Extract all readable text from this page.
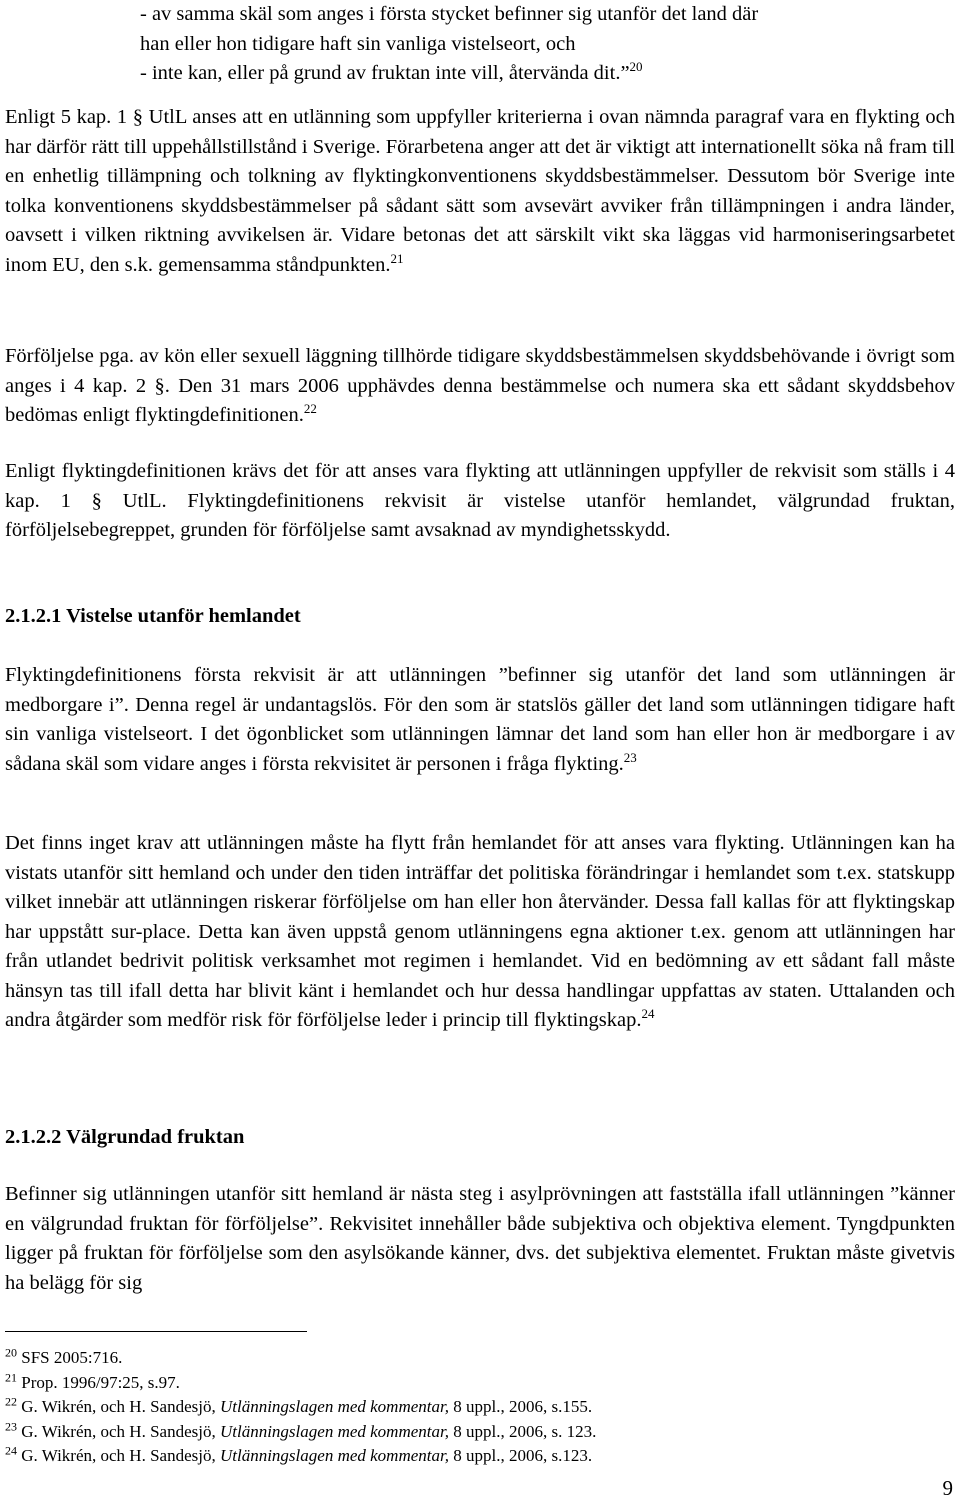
- av samma skäl som anges i första stycket befinner sig utanför det land där
han eller hon tidigare haft sin vanliga vistelseort, och
- inte kan, eller på grund av fruktan inte vill, återvända dit.”$^{20}$

Enligt 5 kap. 1 § UtlL anses att en utlänning som uppfyller kriterierna i ovan nämnda paragraf vara en flykting och har därför rätt till uppehållstillstånd i Sverige. Förarbetena anger att det är viktigt att internationellt söka nå fram till en enhetlig tillämpning och tolkning av flyktingkonventionens skyddsbestämmelser. Dessutom bör Sverige inte tolka konventionens skyddsbestämmelser på sådant sätt som avsevärt avviker från tillämpningen i andra länder, oavsett i vilken riktning avvikelsen är. Vidare betonas det att särskilt vikt ska läggas vid harmoniseringsarbetet inom EU, den s.k. gemensamma ståndpunkten.$^{21}$

Förföljelse pga. av kön eller sexuell läggning tillhörde tidigare skyddsbestämmelsen skyddsbehövande i övrigt som anges i 4 kap. 2 §. Den 31 mars 2006 upphävdes denna bestämmelse och numera ska ett sådant skyddsbehov bedömas enligt flyktingdefinitionen.$^{22}$

Enligt flyktingdefinitionen krävs det för att anses vara flykting att utlänningen uppfyller de rekvisit som ställs i 4 kap. 1 § UtlL. Flyktingdefinitionens rekvisit är vistelse utanför hemlandet, välgrundad fruktan, förföljelsebegreppet, grunden för förföljelse samt avsaknad av myndighetsskydd.

2.1.2.1 Vistelse utanför hemlandet

Flyktingdefinitionens första rekvisit är att utlänningen ”befinner sig utanför det land som utlänningen är medborgare i”. Denna regel är undantagslös. För den som är statslös gäller det land som utlänningen tidigare haft sin vanliga vistelseort. I det ögonblicket som utlänningen lämnar det land som han eller hon är medborgare i av sådana skäl som vidare anges i första rekvisitet är personen i fråga flykting.$^{23}$

Det finns inget krav att utlänningen måste ha flytt från hemlandet för att anses vara flykting. Utlänningen kan ha vistats utanför sitt hemland och under den tiden inträffar det politiska förändringar i hemlandet som t.ex. statskupp vilket innebär att utlänningen riskerar förföljelse om han eller hon återvänder. Dessa fall kallas för att flyktingskap har uppstått sur-place. Detta kan även uppstå genom utlänningens egna aktioner t.ex. genom att utlänningen har från utlandet bedrivit politisk verksamhet mot regimen i hemlandet. Vid en bedömning av ett sådant fall måste hänsyn tas till ifall detta har blivit känt i hemlandet och hur dessa handlingar uppfattas av staten. Uttalanden och andra åtgärder som medför risk för förföljelse leder i princip till flyktingskap.$^{24}$

2.1.2.2 Välgrundad fruktan

Befinner sig utlänningen utanför sitt hemland är nästa steg i asylprövningen att fastställa ifall utlänningen ”känner en välgrundad fruktan för förföljelse”. Rekvisitet innehåller både subjektiva och objektiva element. Tyngdpunkten ligger på fruktan för förföljelse som den asylsökande känner, dvs. det subjektiva elementet. Fruktan måste givetvis ha belägg för sig

$^{20}$ SFS 2005:716.
$^{21}$ Prop. 1996/97:25, s.97.
$^{22}$ G. Wikrén, och H. Sandesjö, Utlänningslagen med kommentar, 8 uppl., 2006, s.155.
$^{23}$ G. Wikrén, och H. Sandesjö, Utlänningslagen med kommentar, 8 uppl., 2006, s. 123.
$^{24}$ G. Wikrén, och H. Sandesjö, Utlänningslagen med kommentar, 8 uppl., 2006, s.123.
9
